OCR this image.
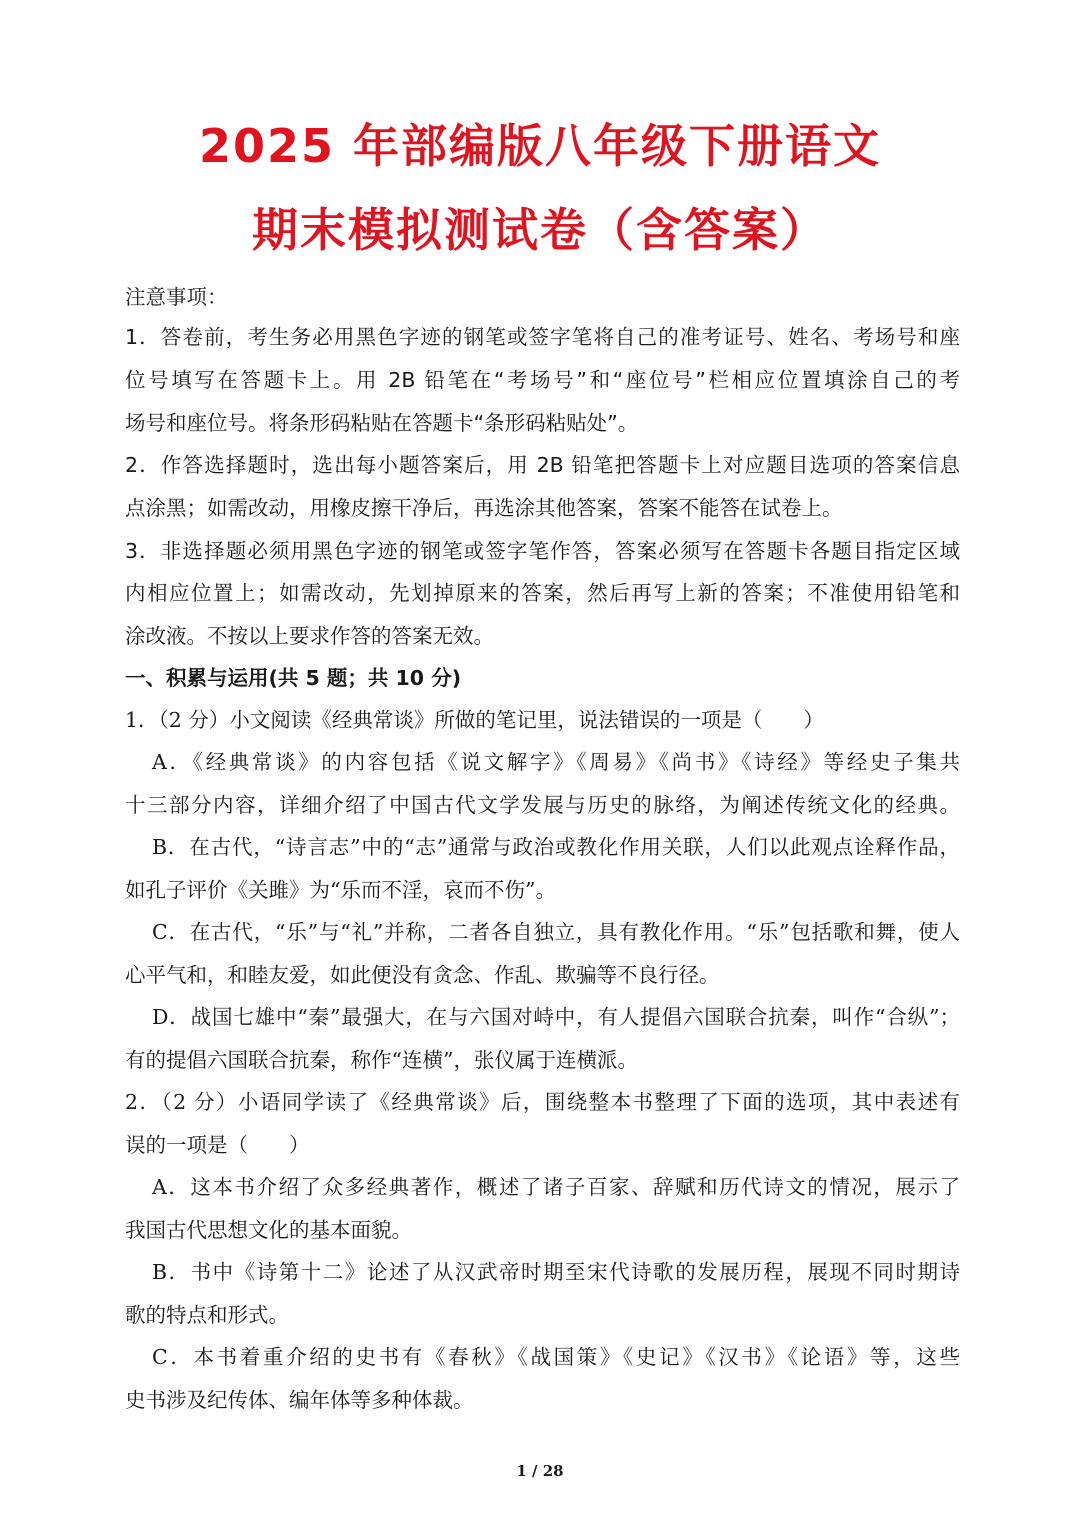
2025 年部编版八年级下册语文
期末模拟测试卷（含答案）
注意事项：
1．答卷前，考生务必用黑色字迹的钢笔或签字笔将自己的准考证号、姓名、考场号和座
位号填写在答题卡上。用 2B 铅笔在“考场号”和“座位号”栏相应位置填涂自己的考
场号和座位号。将条形码粘贴在答题卡“条形码粘贴处”。
2．作答选择题时，选出每小题答案后，用 2B 铅笔把答题卡上对应题目选项的答案信息
点涂黑；如需改动，用橡皮擦干净后，再选涂其他答案，答案不能答在试卷上。
3．非选择题必须用黑色字迹的钢笔或签字笔作答，答案必须写在答题卡各题目指定区域
内相应位置上；如需改动，先划掉原来的答案，然后再写上新的答案；不准使用铅笔和
涂改液。不按以上要求作答的答案无效。
一、积累与运用(共 5 题；共 10 分)
1．（2 分）小文阅读《经典常谈》所做的笔记里，说法错误的一项是（　　）
A．《经典常谈》的内容包括《说文解字》《周易》《尚书》《诗经》等经史子集共
十三部分内容，详细介绍了中国古代文学发展与历史的脉络，为阐述传统文化的经典。
B．在古代，“诗言志”中的“志”通常与政治或教化作用关联，人们以此观点诠释作品，
如孔子评价《关雎》为“乐而不淫，哀而不伤”。
C．在古代，“乐”与“礼”并称，二者各自独立，具有教化作用。“乐”包括歌和舞，使人
心平气和，和睦友爱，如此便没有贪念、作乱、欺骗等不良行径。
D．战国七雄中“秦”最强大，在与六国对峙中，有人提倡六国联合抗秦，叫作“合纵”；
有的提倡六国联合抗秦，称作“连横”，张仪属于连横派。
2．（2 分）小语同学读了《经典常谈》后，围绕整本书整理了下面的选项，其中表述有
误的一项是（　　）
A．这本书介绍了众多经典著作，概述了诸子百家、辞赋和历代诗文的情况，展示了
我国古代思想文化的基本面貌。
B．书中《诗第十二》论述了从汉武帝时期至宋代诗歌的发展历程，展现不同时期诗
歌的特点和形式。
C．本书着重介绍的史书有《春秋》《战国策》《史记》《汉书》《论语》等，这些
史书涉及纪传体、编年体等多种体裁。
1 / 28
